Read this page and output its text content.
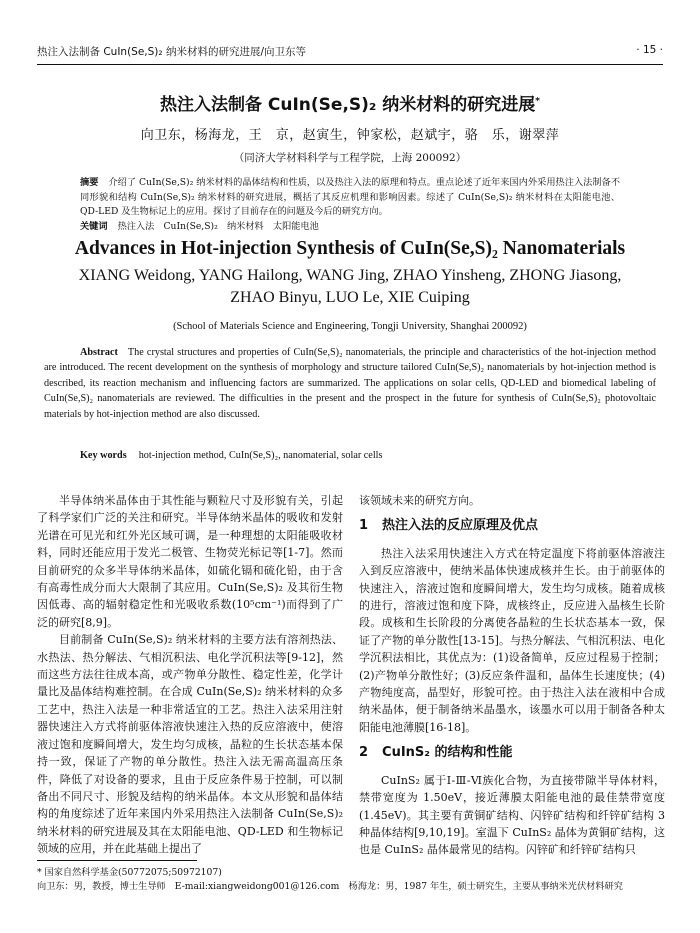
热注入法制备 CuIn(Se,S)₂ 纳米材料的研究进展/向卫东等	· 15 ·
热注入法制备 CuIn(Se,S)₂ 纳米材料的研究进展*
向卫东，杨海龙，王　京，赵寅生，钟家松，赵斌宇，骆　乐，谢翠萍
（同济大学材料科学与工程学院，上海 200092）
摘要 介绍了 CuIn(Se,S)₂ 纳米材料的晶体结构和性质，以及热注入法的原理和特点。重点论述了近年来国内外采用热注入法制备不同形貌和结构 CuIn(Se,S)₂ 纳米材料的研究进展，概括了其反应机理和影响因素。综述了 CuIn(Se,S)₂ 纳米材料在太阳能电池、QD-LED 及生物标记上的应用。探讨了目前存在的问题及今后的研究方向。
关键词 热注入法　CuIn(Se,S)₂　纳米材料　太阳能电池
Advances in Hot-injection Synthesis of CuIn(Se,S)₂ Nanomaterials
XIANG Weidong, YANG Hailong, WANG Jing, ZHAO Yinsheng, ZHONG Jiasong, ZHAO Binyu, LUO Le, XIE Cuiping
(School of Materials Science and Engineering, Tongji University, Shanghai 200092)
Abstract The crystal structures and properties of CuIn(Se,S)₂ nanomaterials, the principle and characteristics of the hot-injection method are introduced. The recent development on the synthesis of morphology and structure tailored CuIn(Se,S)₂ nanomaterials by hot-injection method is described, its reaction mechanism and influencing factors are summarized. The applications on solar cells, QD-LED and biomedical labeling of CuIn(Se,S)₂ nanomaterials are reviewed. The difficulties in the present and the prospect in the future for synthesis of CuIn(Se,S)₂ photovoltaic materials by hot-injection method are also discussed.
Key words hot-injection method, CuIn(Se,S)₂, nanomaterial, solar cells

半导体纳米晶体由于其性能与颗粒尺寸及形貌有关，引起了科学家们广泛的关注和研究。半导体纳米晶体的吸收和发射光谱在可见光和红外光区域可调，是一种理想的太阳能吸收材料，同时还能应用于发光二极管、生物荧光标记等[1-7]。然而目前研究的众多半导体纳米晶体，如硫化镉和硫化铅，由于含有高毒性成分而大大限制了其应用。CuIn(Se,S)₂ 及其衍生物因低毒、高的辐射稳定性和光吸收系数(10⁵cm⁻¹)而得到了广泛的研究[8,9]。

目前制备 CuIn(Se,S)₂ 纳米材料的主要方法有溶剂热法、水热法、热分解法、气相沉积法、电化学沉积法等[9-12]，然而这些方法往往成本高，或产物单分散性、稳定性差，化学计量比及晶体结构难控制。在合成 CuIn(Se,S)₂ 纳米材料的众多工艺中，热注入法是一种非常适宜的工艺。热注入法采用注射器快速注入方式将前驱体溶液快速注入热的反应溶液中，使溶液过饱和度瞬间增大，发生均匀成核，晶粒的生长状态基本保持一致，保证了产物的单分散性。热注入法无需高温高压条件，降低了对设备的要求，且由于反应条件易于控制，可以制备出不同尺寸、形貌及结构的纳米晶体。本文从形貌和晶体结构的角度综述了近年来国内外采用热注入法制备 CuIn(Se,S)₂ 纳米材料的研究进展及其在太阳能电池、QD-LED 和生物标记领域的应用，并在此基础上提出了

该领域未来的研究方向。

1 热注入法的反应原理及优点

热注入法采用快速注入方式在特定温度下将前驱体溶液注入到反应溶液中，使纳米晶体快速成核并生长。由于前驱体的快速注入，溶液过饱和度瞬间增大，发生均匀成核。随着成核的进行，溶液过饱和度下降，成核终止，反应进入晶核生长阶段。成核和生长阶段的分离使各晶粒的生长状态基本一致，保证了产物的单分散性[13-15]。与热分解法、气相沉积法、电化学沉积法相比，其优点为：(1)设备简单，反应过程易于控制；(2)产物单分散性好；(3)反应条件温和，晶体生长速度快；(4)产物纯度高，晶型好，形貌可控。由于热注入法在液相中合成纳米晶体，便于制备纳米晶墨水，该墨水可以用于制备各种太阳能电池薄膜[16-18]。

2 CuInS₂ 的结构和性能

CuInS₂ 属于Ⅰ-Ⅲ-Ⅵ族化合物，为直接带隙半导体材料，禁带宽度为 1.50eV，接近薄膜太阳能电池的最佳禁带宽度(1.45eV)。其主要有黄铜矿结构、闪锌矿结构和纤锌矿结构 3 种晶体结构[9,10,19]。室温下 CuInS₂ 晶体为黄铜矿结构，这也是 CuInS₂ 晶体最常见的结构。闪锌矿和纤锌矿结构只

* 国家自然科学基金(50772075;50972107)
向卫东：男，教授，博士生导师　E-mail:xiangweidong001@126.com　杨海龙：男，1987 年生，硕士研究生，主要从事纳米光伏材料研究
